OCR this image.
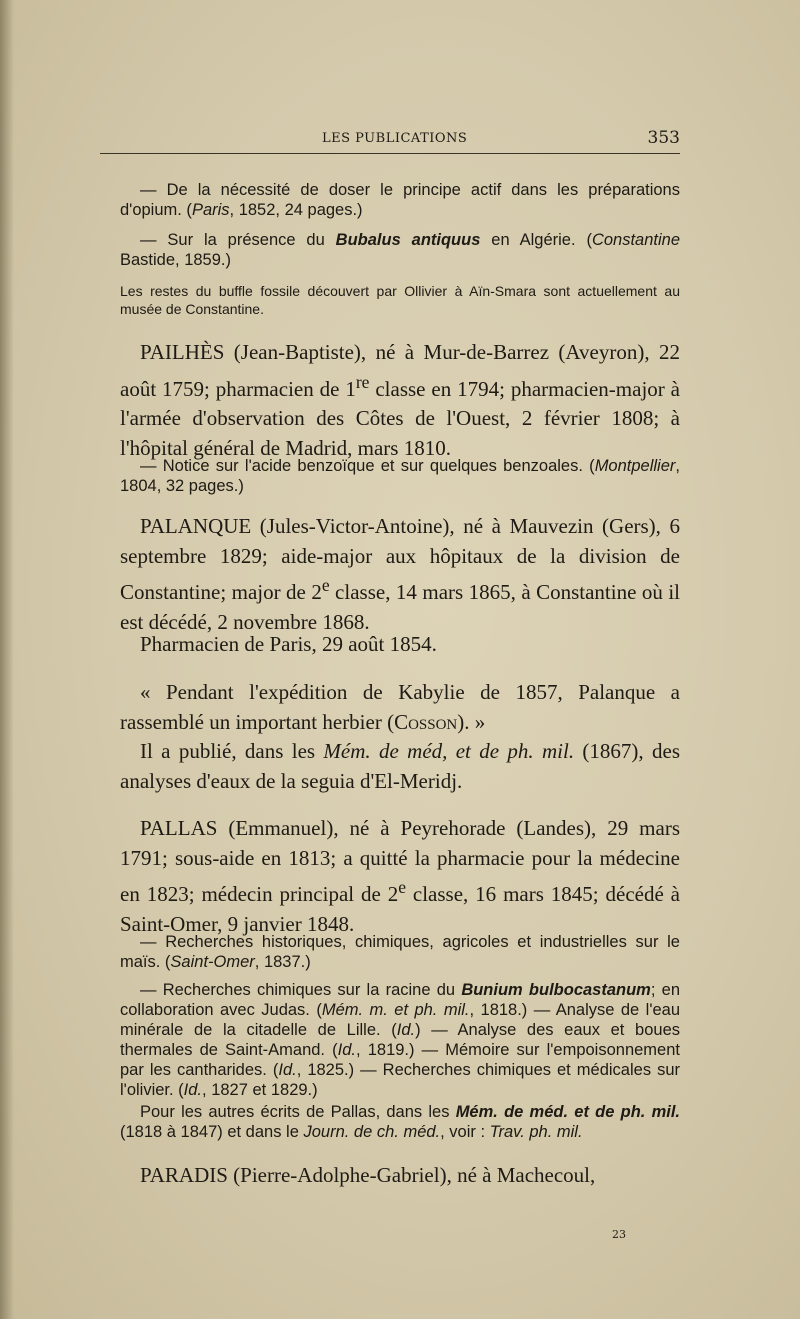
LES PUBLICATIONS	353
— De la nécessité de doser le principe actif dans les préparations d'opium. (Paris, 1852, 24 pages.)
— Sur la présence du Bubalus antiquus en Algérie. (Constantine Bastide, 1859.)
Les restes du buffle fossile découvert par Ollivier à Aïn-Smara sont actuellement au musée de Constantine.
PAILHÈS (Jean-Baptiste), né à Mur-de-Barrez (Aveyron), 22 août 1759; pharmacien de 1re classe en 1794; pharmacien-major à l'armée d'observation des Côtes de l'Ouest, 2 février 1808; à l'hôpital général de Madrid, mars 1810.
— Notice sur l'acide benzoïque et sur quelques benzoales. (Montpellier, 1804, 32 pages.)
PALANQUE (Jules-Victor-Antoine), né à Mauvezin (Gers), 6 septembre 1829; aide-major aux hôpitaux de la division de Constantine; major de 2e classe, 14 mars 1865, à Constantine où il est décédé, 2 novembre 1868.
Pharmacien de Paris, 29 août 1854.
« Pendant l'expédition de Kabylie de 1857, Palanque a rassemblé un important herbier (Cosson). »
Il a publié, dans les Mém. de méd, et de ph. mil. (1867), des analyses d'eaux de la seguia d'El-Meridj.
PALLAS (Emmanuel), né à Peyrehorade (Landes), 29 mars 1791; sous-aide en 1813; a quitté la pharmacie pour la médecine en 1823; médecin principal de 2e classe, 16 mars 1845; décédé à Saint-Omer, 9 janvier 1848.
— Recherches historiques, chimiques, agricoles et industrielles sur le maïs. (Saint-Omer, 1837.)
— Recherches chimiques sur la racine du Bunium bulbocastanum; en collaboration avec Judas. (Mém. m. et ph. mil., 1818.) — Analyse de l'eau minérale de la citadelle de Lille. (Id.) — Analyse des eaux et boues thermales de Saint-Amand. (Id., 1819.) — Mémoire sur l'empoisonnement par les cantharides. (Id., 1825.) — Recherches chimiques et médicales sur l'olivier. (Id., 1827 et 1829.)
Pour les autres écrits de Pallas, dans les Mém. de méd. et de ph. mil. (1818 à 1847) et dans le Journ. de ch. méd., voir : Trav. ph. mil.
PARADIS (Pierre-Adolphe-Gabriel), né à Machecoul,
23
